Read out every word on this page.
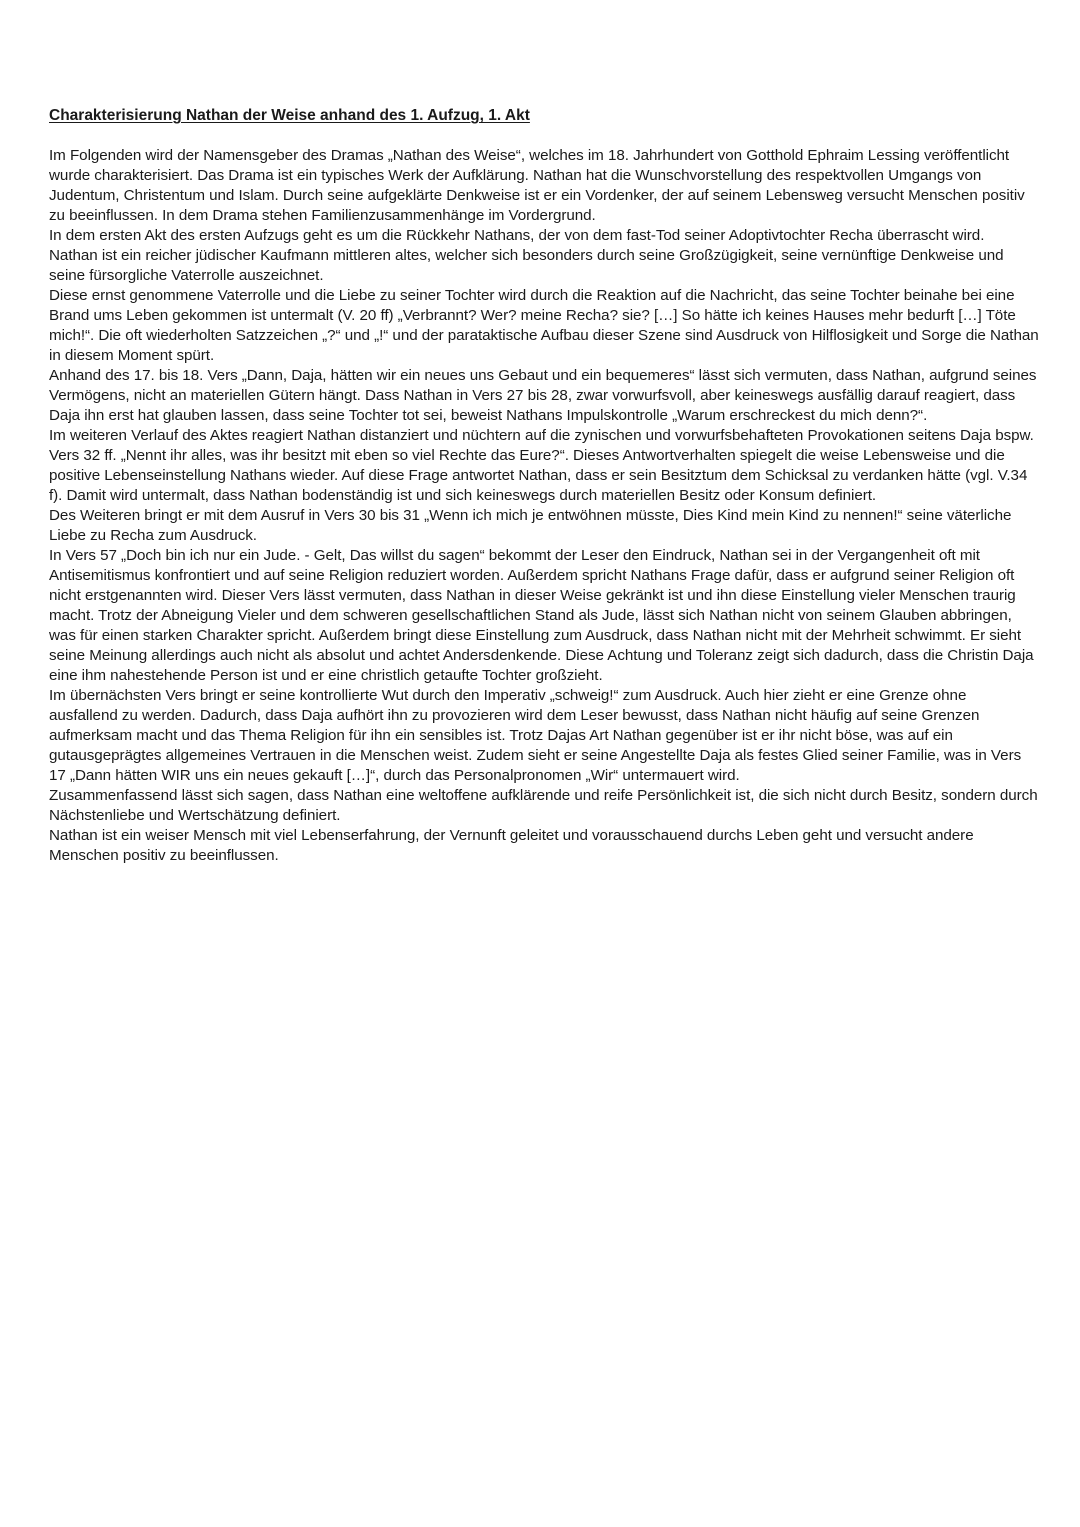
Charakterisierung Nathan der Weise anhand des 1. Aufzug, 1. Akt

Im Folgenden wird der Namensgeber des Dramas „Nathan des Weise“, welches im 18. Jahrhundert von Gotthold Ephraim Lessing veröffentlicht wurde charakterisiert. Das Drama ist ein typisches Werk der Aufklärung. Nathan hat die Wunschvorstellung des respektvollen Umgangs von Judentum, Christentum und Islam. Durch seine aufgeklärte Denkweise ist er ein Vordenker, der auf seinem Lebensweg versucht Menschen positiv zu beeinflussen. In dem Drama stehen Familienzusammenhänge im Vordergrund.

In dem ersten Akt des ersten Aufzugs geht es um die Rückkehr Nathans, der von dem fast-Tod seiner Adoptivtochter Recha überrascht wird.

Nathan ist ein reicher jüdischer Kaufmann mittleren altes, welcher sich besonders durch seine Großzügigkeit, seine vernünftige Denkweise und seine fürsorgliche Vaterrolle auszeichnet.

Diese ernst genommene Vaterrolle und die Liebe zu seiner Tochter wird durch die Reaktion auf die Nachricht, das seine Tochter beinahe bei eine Brand ums Leben gekommen ist untermalt (V. 20 ff) „Verbrannt? Wer? meine Recha? sie? […] So hätte ich keines Hauses mehr bedurft […] Töte mich!“. Die oft wiederholten Satzzeichen „?“ und „!“ und der parataktische Aufbau dieser Szene sind Ausdruck von Hilflosigkeit und Sorge die Nathan in diesem Moment spürt.

Anhand des 17. bis 18. Vers „Dann, Daja, hätten wir ein neues uns Gebaut und ein bequemeres“ lässt sich vermuten, dass Nathan, aufgrund seines Vermögens, nicht an materiellen Gütern hängt. Dass Nathan in Vers 27 bis 28, zwar vorwurfsvoll, aber keineswegs ausfällig darauf reagiert, dass Daja ihn erst hat glauben lassen, dass seine Tochter tot sei, beweist Nathans Impulskontrolle „Warum erschreckest du mich denn?“.

Im weiteren Verlauf des Aktes reagiert Nathan distanziert und nüchtern auf die zynischen und vorwurfsbehafteten Provokationen seitens Daja bspw. Vers 32 ff. „Nennt ihr alles, was ihr besitzt mit eben so viel Rechte das Eure?“. Dieses Antwortverhalten spiegelt die weise Lebensweise und die positive Lebenseinstellung Nathans wieder. Auf diese Frage antwortet Nathan, dass er sein Besitztum dem Schicksal zu verdanken hätte (vgl. V.34 f). Damit wird untermalt, dass Nathan bodenständig ist und sich keineswegs durch materiellen Besitz oder Konsum definiert.

Des Weiteren bringt er mit dem Ausruf in Vers 30 bis 31 „Wenn ich mich je entwöhnen müsste, Dies Kind mein Kind zu nennen!“ seine väterliche Liebe zu Recha zum Ausdruck.

In Vers 57 „Doch bin ich nur ein Jude. - Gelt, Das willst du sagen“ bekommt der Leser den Eindruck, Nathan sei in der Vergangenheit oft mit Antisemitismus konfrontiert und auf seine Religion reduziert worden. Außerdem spricht Nathans Frage dafür, dass er aufgrund seiner Religion oft nicht erstgenannten wird. Dieser Vers lässt vermuten, dass Nathan in dieser Weise gekränkt ist und ihn diese Einstellung vieler Menschen traurig macht. Trotz der Abneigung Vieler und dem schweren gesellschaftlichen Stand als Jude, lässt sich Nathan nicht von seinem Glauben abbringen, was für einen starken Charakter spricht. Außerdem bringt diese Einstellung zum Ausdruck, dass Nathan nicht mit der Mehrheit schwimmt. Er sieht seine Meinung allerdings auch nicht als absolut und achtet Andersdenkende. Diese Achtung und Toleranz zeigt sich dadurch, dass die Christin Daja eine ihm nahestehende Person ist und er eine christlich getaufte Tochter großzieht.

Im übernächsten Vers bringt er seine kontrollierte Wut durch den Imperativ „schweig!“ zum Ausdruck. Auch hier zieht er eine Grenze ohne ausfallend zu werden. Dadurch, dass Daja aufhört ihn zu provozieren wird dem Leser bewusst, dass Nathan nicht häufig auf seine Grenzen aufmerksam macht und das Thema Religion für ihn ein sensibles ist. Trotz Dajas Art Nathan gegenüber ist er ihr nicht böse, was auf ein gutausgeprägtes allgemeines Vertrauen in die Menschen weist. Zudem sieht er seine Angestellte Daja als festes Glied seiner Familie, was in Vers 17 „Dann hätten WIR uns ein neues gekauft […]“, durch das Personalpronomen „Wir“ untermauert wird.

Zusammenfassend lässt sich sagen, dass Nathan eine weltoffene aufklärende und reife Persönlichkeit ist, die sich nicht durch Besitz, sondern durch Nächstenliebe und Wertschätzung definiert.

Nathan ist ein weiser Mensch mit viel Lebenserfahrung, der Vernunft geleitet und vorausschauend durchs Leben geht und versucht andere Menschen positiv zu beeinflussen.
